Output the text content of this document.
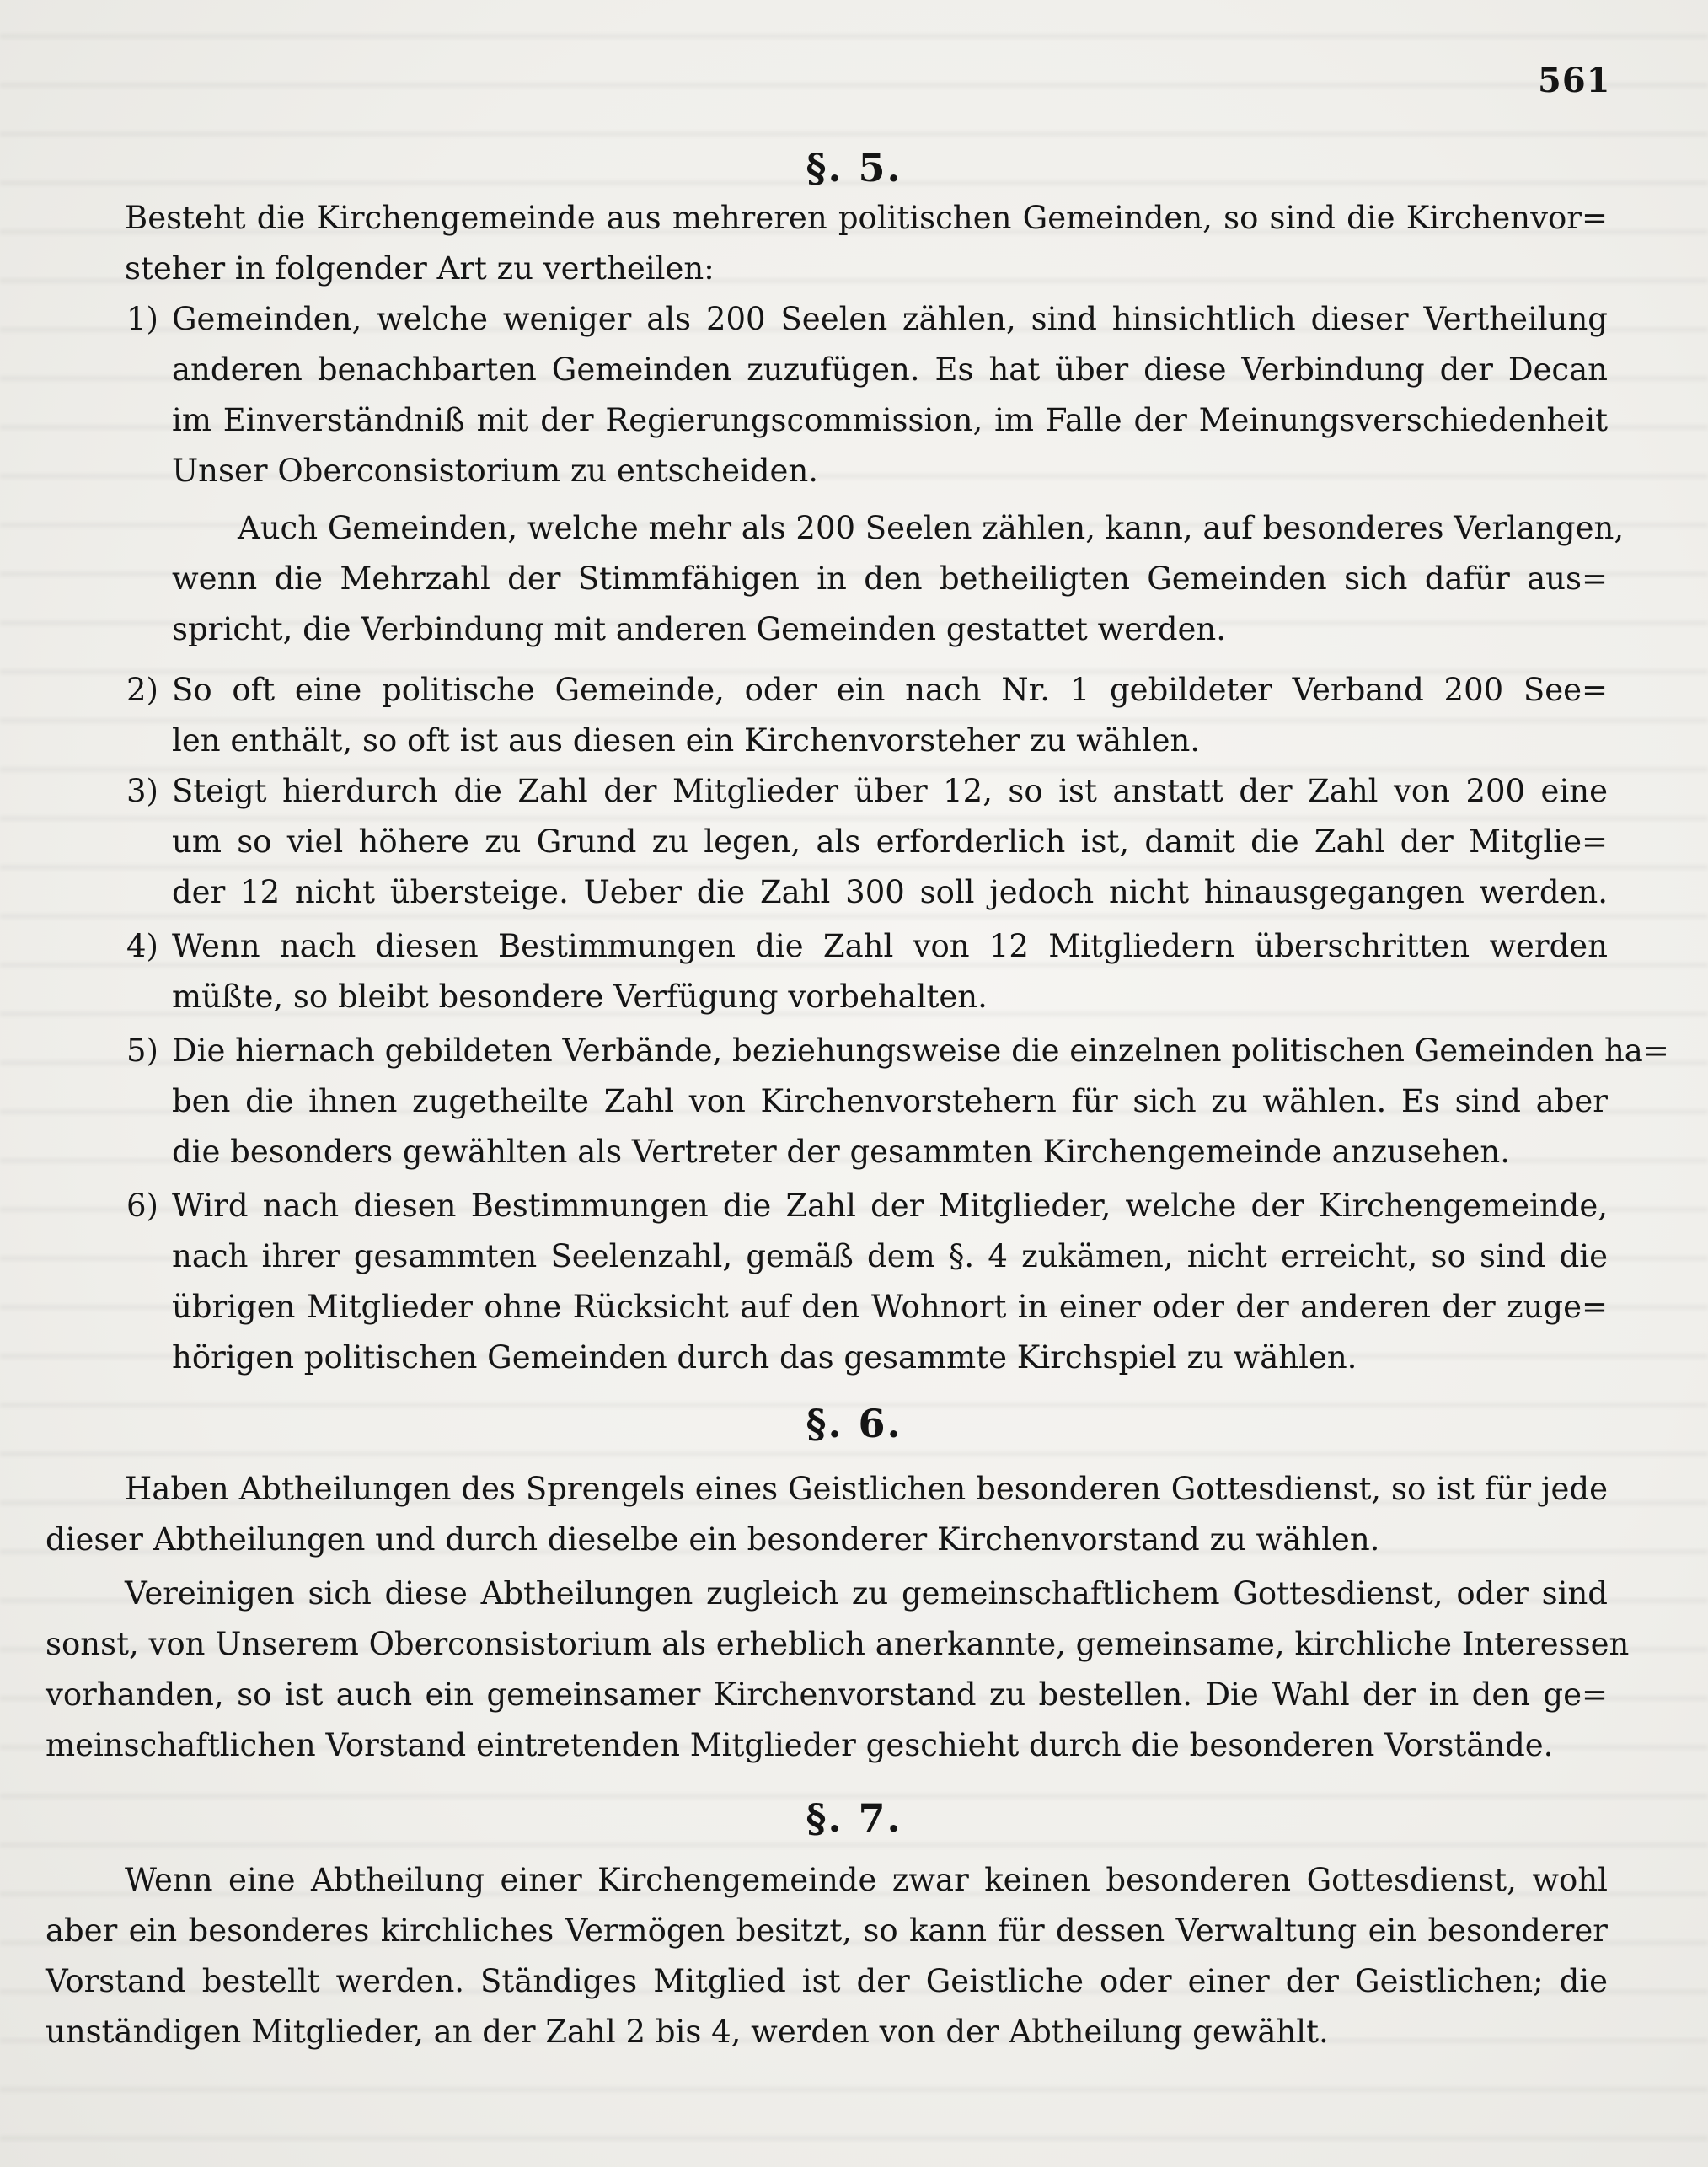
561
§. 5.
Besteht die Kirchengemeinde aus mehreren politischen Gemeinden, so sind die Kirchenvor=
steher in folgender Art zu vertheilen:
1) Gemeinden, welche weniger als 200 Seelen zählen, sind hinsichtlich dieser Vertheilung
anderen benachbarten Gemeinden zuzufügen. Es hat über diese Verbindung der Decan
im Einverständniß mit der Regierungscommission, im Falle der Meinungsverschiedenheit
Unser Oberconsistorium zu entscheiden.
Auch Gemeinden, welche mehr als 200 Seelen zählen, kann, auf besonderes Verlangen,
wenn die Mehrzahl der Stimmfähigen in den betheiligten Gemeinden sich dafür aus=
spricht, die Verbindung mit anderen Gemeinden gestattet werden.
2) So oft eine politische Gemeinde, oder ein nach Nr. 1 gebildeter Verband 200 See=
len enthält, so oft ist aus diesen ein Kirchenvorsteher zu wählen.
3) Steigt hierdurch die Zahl der Mitglieder über 12, so ist anstatt der Zahl von 200 eine
um so viel höhere zu Grund zu legen, als erforderlich ist, damit die Zahl der Mitglie=
der 12 nicht übersteige. Ueber die Zahl 300 soll jedoch nicht hinausgegangen werden.
4) Wenn nach diesen Bestimmungen die Zahl von 12 Mitgliedern überschritten werden
müßte, so bleibt besondere Verfügung vorbehalten.
5) Die hiernach gebildeten Verbände, beziehungsweise die einzelnen politischen Gemeinden ha=
ben die ihnen zugetheilte Zahl von Kirchenvorstehern für sich zu wählen. Es sind aber
die besonders gewählten als Vertreter der gesammten Kirchengemeinde anzusehen.
6) Wird nach diesen Bestimmungen die Zahl der Mitglieder, welche der Kirchengemeinde,
nach ihrer gesammten Seelenzahl, gemäß dem §. 4 zukämen, nicht erreicht, so sind die
übrigen Mitglieder ohne Rücksicht auf den Wohnort in einer oder der anderen der zuge=
hörigen politischen Gemeinden durch das gesammte Kirchspiel zu wählen.
§. 6.
Haben Abtheilungen des Sprengels eines Geistlichen besonderen Gottesdienst, so ist für jede
dieser Abtheilungen und durch dieselbe ein besonderer Kirchenvorstand zu wählen.
Vereinigen sich diese Abtheilungen zugleich zu gemeinschaftlichem Gottesdienst, oder sind
sonst, von Unserem Oberconsistorium als erheblich anerkannte, gemeinsame, kirchliche Interessen
vorhanden, so ist auch ein gemeinsamer Kirchenvorstand zu bestellen. Die Wahl der in den ge=
meinschaftlichen Vorstand eintretenden Mitglieder geschieht durch die besonderen Vorstände.
§. 7.
Wenn eine Abtheilung einer Kirchengemeinde zwar keinen besonderen Gottesdienst, wohl
aber ein besonderes kirchliches Vermögen besitzt, so kann für dessen Verwaltung ein besonderer
Vorstand bestellt werden. Ständiges Mitglied ist der Geistliche oder einer der Geistlichen; die
unständigen Mitglieder, an der Zahl 2 bis 4, werden von der Abtheilung gewählt.
